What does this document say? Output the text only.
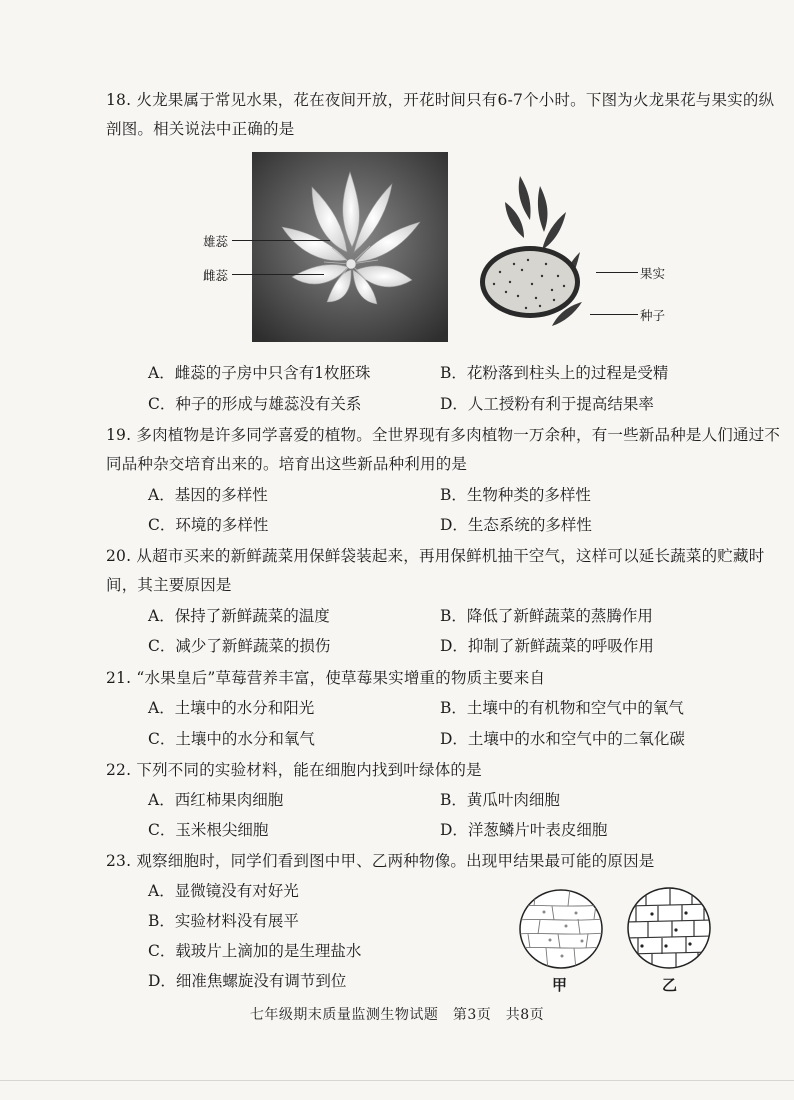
18. 火龙果属于常见水果，花在夜间开放，开花时间只有6-7个小时。下图为火龙果花与果实的纵剖图。相关说法中正确的是
雄蕊
雌蕊	果实
种子
A．雌蕊的子房中只含有1枚胚珠	B．花粉落到柱头上的过程是受精
C．种子的形成与雄蕊没有关系	D．人工授粉有利于提高结果率
19. 多肉植物是许多同学喜爱的植物。全世界现有多肉植物一万余种，有一些新品种是人们通过不同品种杂交培育出来的。培育出这些新品种利用的是
A．基因的多样性	B．生物种类的多样性
C．环境的多样性	D．生态系统的多样性
20. 从超市买来的新鲜蔬菜用保鲜袋装起来，再用保鲜机抽干空气，这样可以延长蔬菜的贮藏时间，其主要原因是
A．保持了新鲜蔬菜的温度	B．降低了新鲜蔬菜的蒸腾作用
C．减少了新鲜蔬菜的损伤	D．抑制了新鲜蔬菜的呼吸作用
21. “水果皇后”草莓营养丰富，使草莓果实增重的物质主要来自
A．土壤中的水分和阳光	B．土壤中的有机物和空气中的氧气
C．土壤中的水分和氧气	D．土壤中的水和空气中的二氧化碳
22. 下列不同的实验材料，能在细胞内找到叶绿体的是
A．西红柿果肉细胞	B．黄瓜叶肉细胞
C．玉米根尖细胞	D．洋葱鳞片叶表皮细胞
23. 观察细胞时，同学们看到图中甲、乙两种物像。出现甲结果最可能的原因是
A．显微镜没有对好光
B．实验材料没有展平
C．载玻片上滴加的是生理盐水
D．细准焦螺旋没有调节到位	甲	乙
七年级期末质量监测生物试题　第3页　共8页
